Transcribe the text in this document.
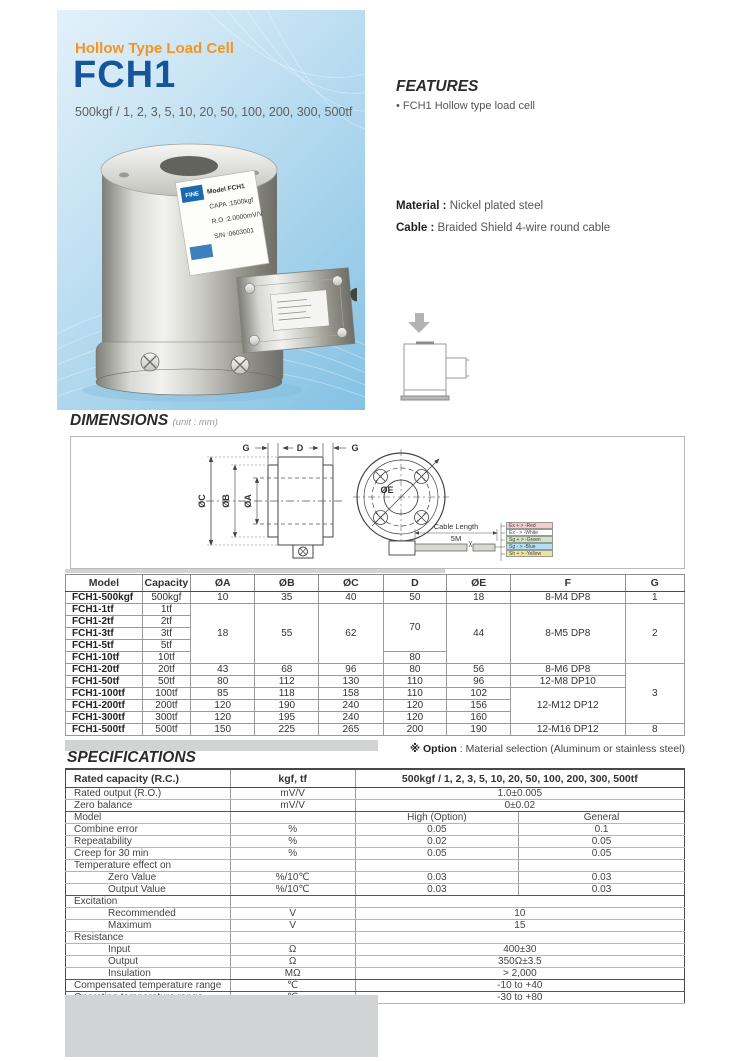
Hollow Type Load Cell
FCH1
500kgf / 1, 2, 3, 5, 10, 20, 50, 100, 200, 300, 500tf
FINE Model FCH1
CAPA :1500kgf
R.O :2.0000mV/V
S/N :0603001
FEATURES
• FCH1 Hollow type load cell
Material : Nickel plated steel
Cable : Braided Shield 4-wire round cable
DIMENSIONS (unit : mm)
G	D	G
ØC ØB ØA
ØE
Cable Length
5M
Ex + > -Red
Ex - > -White
Sg + > -Green
Sg - > -Blue
Sh + > -Yellow
Model	Capacity	ØA	ØB	ØC	D	ØE	F	G
FCH1-500kgf	500kgf	10	35	40	50	18	8-M4 DP8	1
FCH1-1tf	1tf	18	55	62	70	44	8-M5 DP8	2
FCH1-2tf	2tf							
FCH1-3tf	3tf							
FCH1-5tf	5tf							
FCH1-10tf	10tf				80			
FCH1-20tf	20tf	43	68	96	80	56	8-M6 DP8	3
FCH1-50tf	50tf	80	112	130	110	96	12-M8 DP10	
FCH1-100tf	100tf	85	118	158	110	102	12-M12 DP12	
FCH1-200tf	200tf	120	190	240	120	156		
FCH1-300tf	300tf	120	195	240	120	160		
FCH1-500tf	500tf	150	225	265	200	190	12-M16 DP12	8
※ Option : Material selection (Aluminum or stainless steel)
SPECIFICATIONS
Rated capacity (R.C.)	kgf, tf	500kgf / 1, 2, 3, 5, 10, 20, 50, 100, 200, 300, 500tf	
Rated output (R.O.)	mV/V	1.0±0.005	
Zero balance	mV/V	0±0.02	
Model		High (Option)	General
Combine error	%	0.05	0.1
Repeatability	%	0.02	0.05
Creep for 30 min	%	0.05	0.05
Temperature effect on			
Zero Value	%/10℃	0.03	0.03
Output Value	%/10℃	0.03	0.03
Excitation			
Recommended	V	10	
Maximum	V	15	
Resistance			
Input	Ω	400±30	
Output	Ω	350Ω±3.5	
Insulation	MΩ	> 2,000	
Compensated temperature range	℃	-10 to +40	
		-30 to +80	
